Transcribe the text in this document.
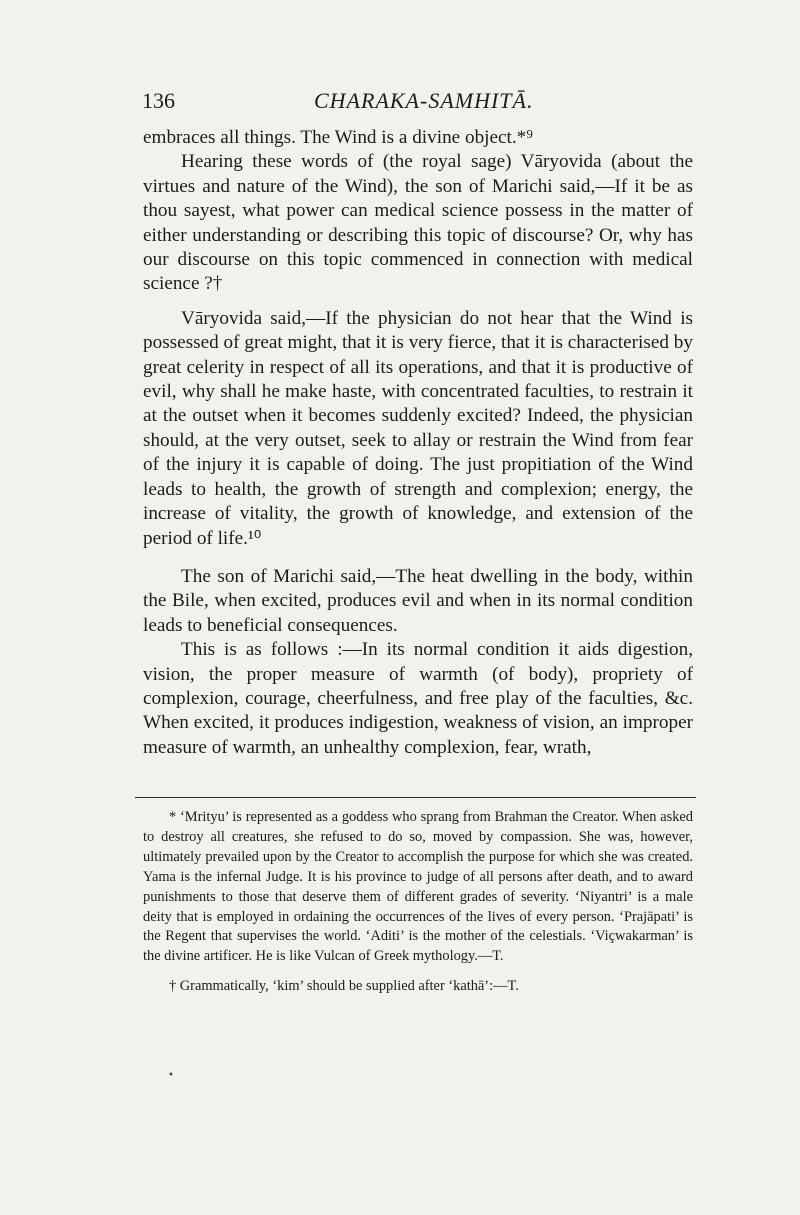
136	CHARAKA-SAMHITĀ.

embraces all things. The Wind is a divine object.*⁹

Hearing these words of (the royal sage) Vāryovida (about the virtues and nature of the Wind), the son of Marichi said,—If it be as thou sayest, what power can medical science possess in the matter of either understanding or describing this topic of discourse? Or, why has our discourse on this topic commenced in connection with medical science ?†

Vāryovida said,—If the physician do not hear that the Wind is possessed of great might, that it is very fierce, that it is characterised by great celerity in respect of all its operations, and that it is productive of evil, why shall he make haste, with concentrated faculties, to restrain it at the outset when it becomes suddenly excited? Indeed, the physician should, at the very outset, seek to allay or restrain the Wind from fear of the injury it is capable of doing. The just propitiation of the Wind leads to health, the growth of strength and complexion; energy, the increase of vitality, the growth of knowledge, and extension of the period of life.¹⁰

The son of Marichi said,—The heat dwelling in the body, within the Bile, when excited, produces evil and when in its normal condition leads to beneficial consequences.

This is as follows :—In its normal condition it aids digestion, vision, the proper measure of warmth (of body), propriety of complexion, courage, cheerfulness, and free play of the faculties, &c. When excited, it produces indigestion, weakness of vision, an improper measure of warmth, an unhealthy complexion, fear, wrath,

* ‘Mrityu’ is represented as a goddess who sprang from Brahman the Creator. When asked to destroy all creatures, she refused to do so, moved by compassion. She was, however, ultimately prevailed upon by the Creator to accomplish the purpose for which she was created. Yama is the infernal Judge. It is his province to judge of all persons after death, and to award punishments to those that deserve them of different grades of severity. ‘Niyantri’ is a male deity that is employed in ordaining the occurrences of the lives of every person. ‘Prajāpati’ is the Regent that supervises the world. ‘Aditi’ is the mother of the celestials. ‘Viçwakarman’ is the divine artificer. He is like Vulcan of Greek mythology.—T.

† Grammatically, ‘kim’ should be supplied after ‘kathā’:—T.

•
